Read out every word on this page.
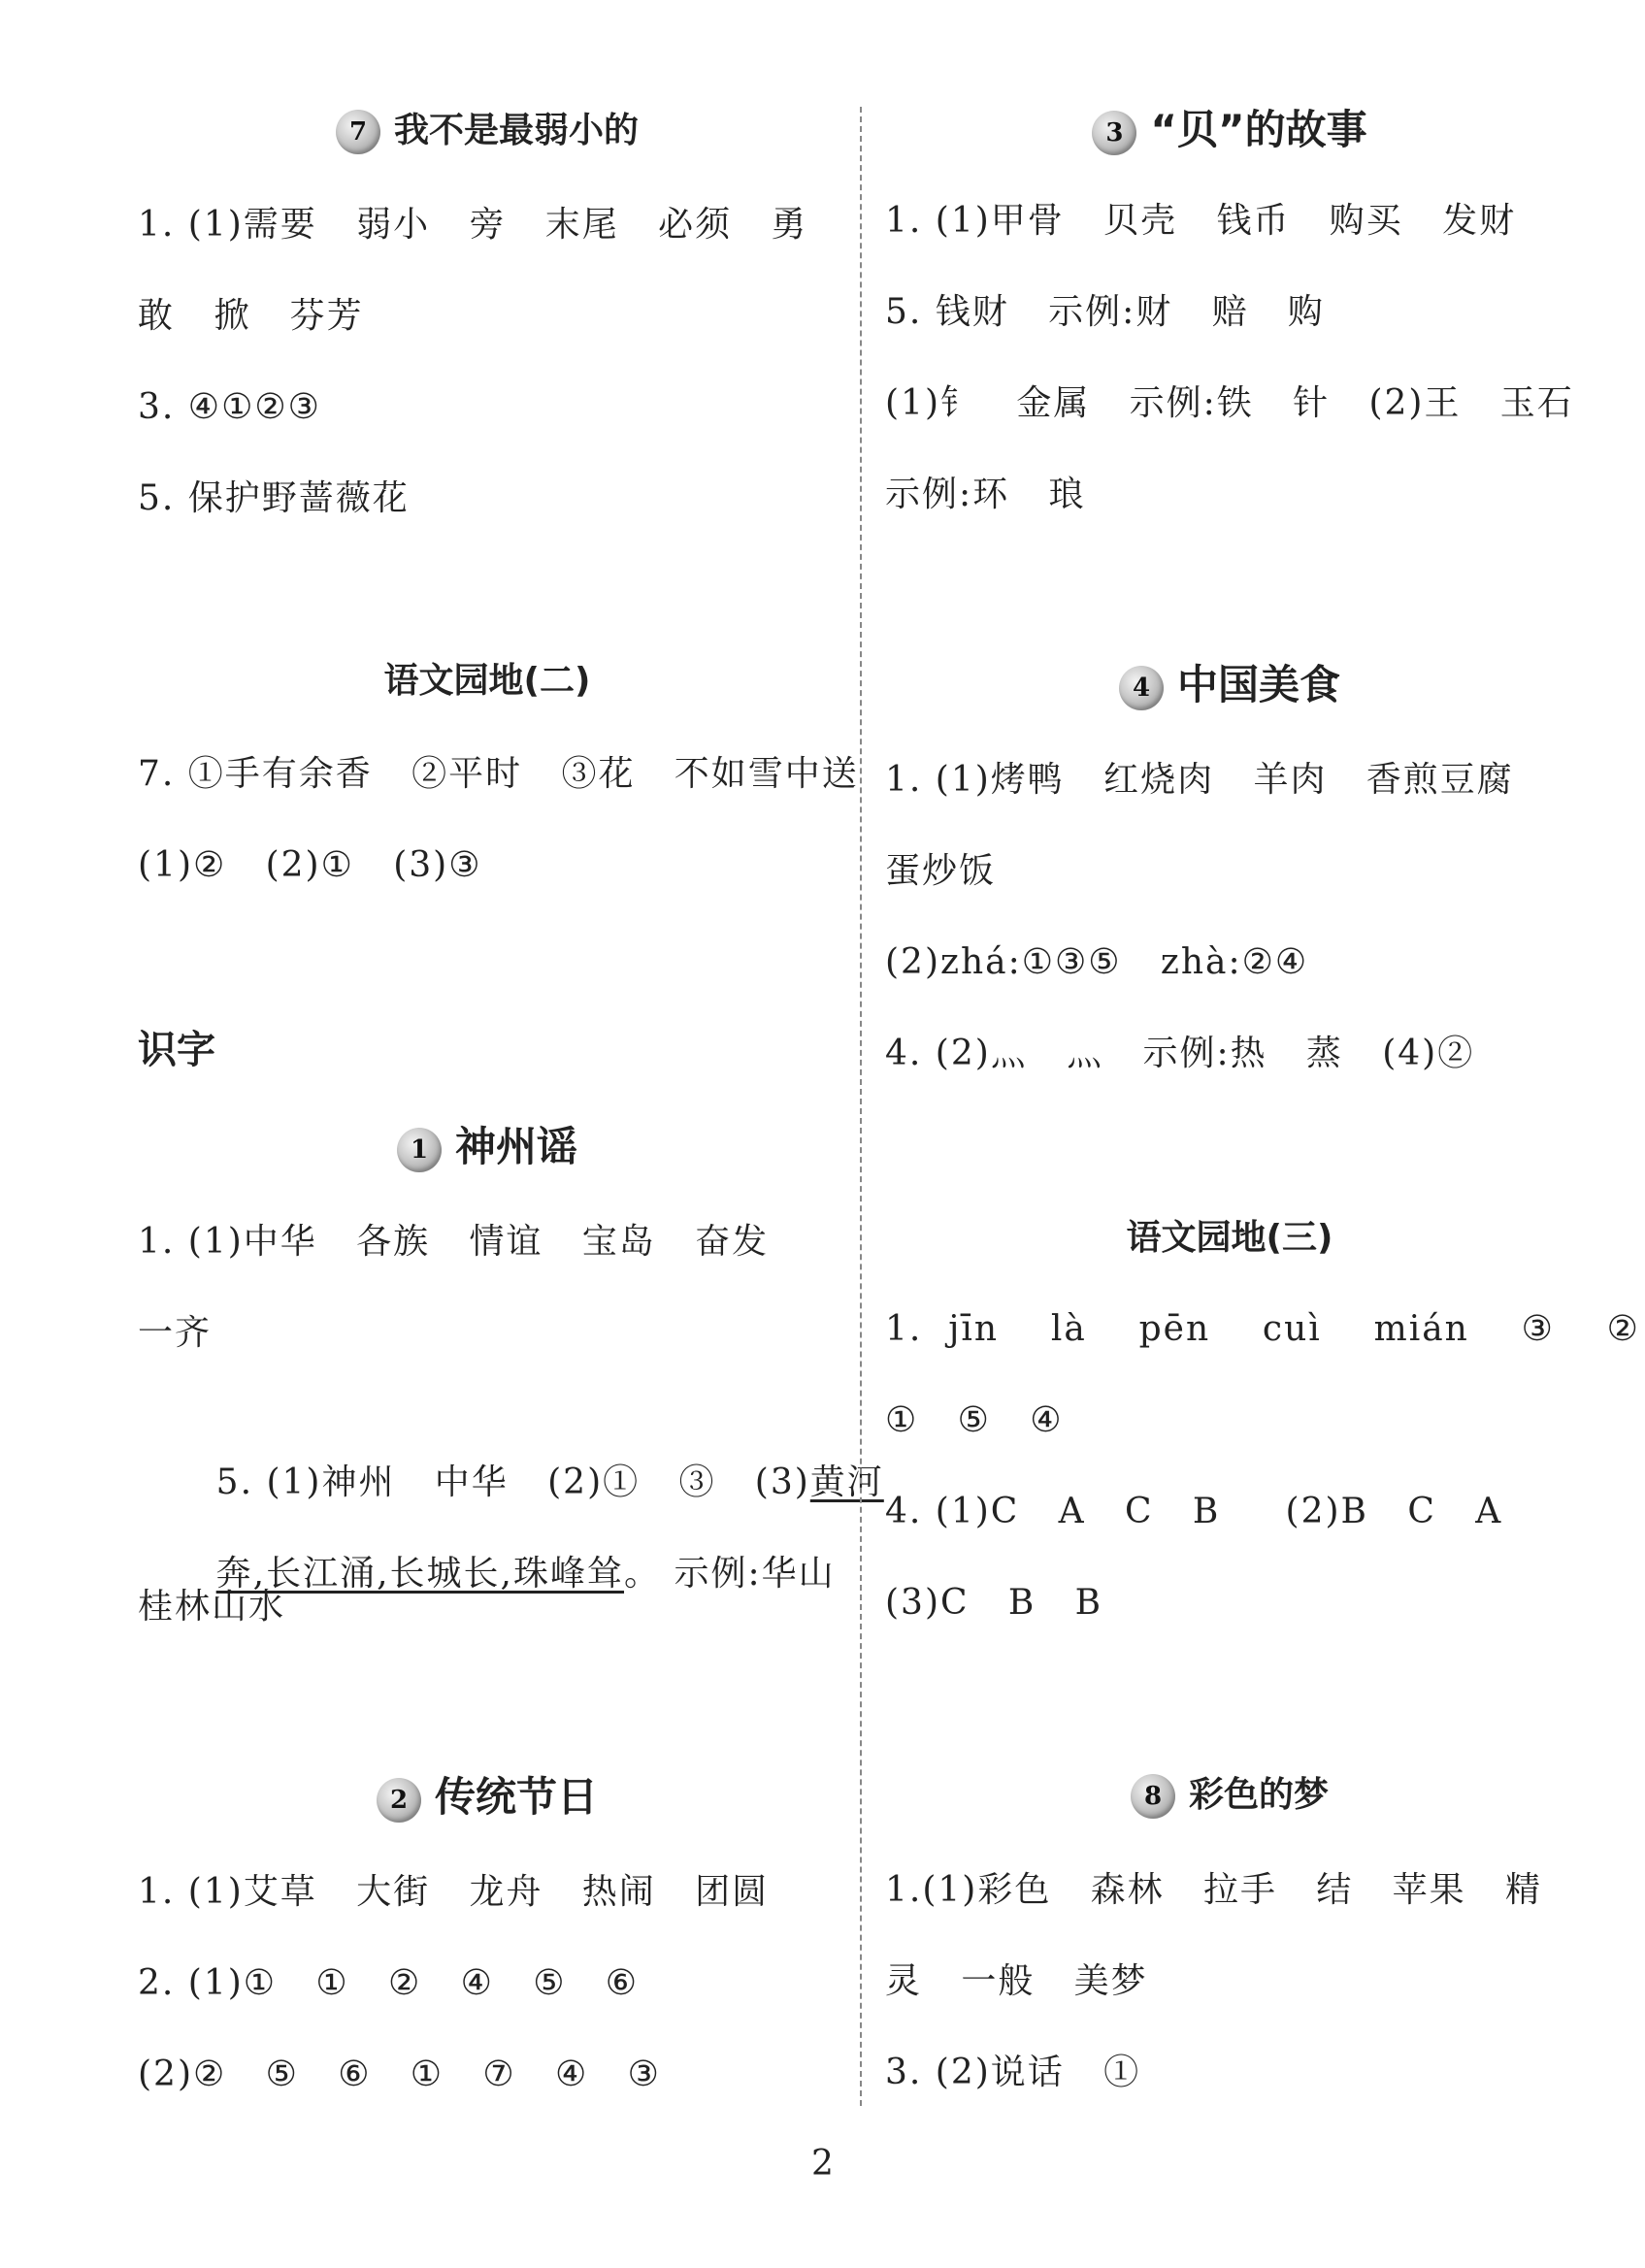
7 我不是最弱小的
1. (1)需要   弱小   旁   末尾   必须   勇
敢   掀   芬芳
3. ④①②③
5. 保护野蔷薇花
语文园地(二)
7. ①手有余香   ②平时   ③花   不如雪中送
(1)②   (2)①   (3)③
识字
1 神州谣
1. (1)中华   各族   情谊   宝岛   奋发
一齐

5. (1)神州   中华   (2)①   ③   (3)黄河

奔,长江涌,长城长,珠峰耸。 示例:华山

桂林山水
2 传统节日
1. (1)艾草   大街   龙舟   热闹   团圆
2. (1)①   ①   ②   ④   ⑤   ⑥
(2)②   ⑤   ⑥   ①   ⑦   ④   ③
3 “贝”的故事
1. (1)甲骨   贝壳   钱币   购买   发财
5. 钱财   示例:财   赔   购
(1)钅   金属   示例:铁   针   (2)王   玉石
示例:环   琅
4 中国美食
1. (1)烤鸭   红烧肉   羊肉   香煎豆腐
蛋炒饭
(2)zhá:①③⑤   zhà:②④
4. (2)灬   灬   示例:热   蒸   (4)②
语文园地(三)
1.  jīn    là    pēn    cuì    mián    ③    ②
①   ⑤   ④
4. (1)C   A   C   B     (2)B   C   A
(3)C   B   B
8 彩色的梦
1.(1)彩色   森林   拉手   结   苹果   精
灵   一般   美梦
3. (2)说话   ①
2
